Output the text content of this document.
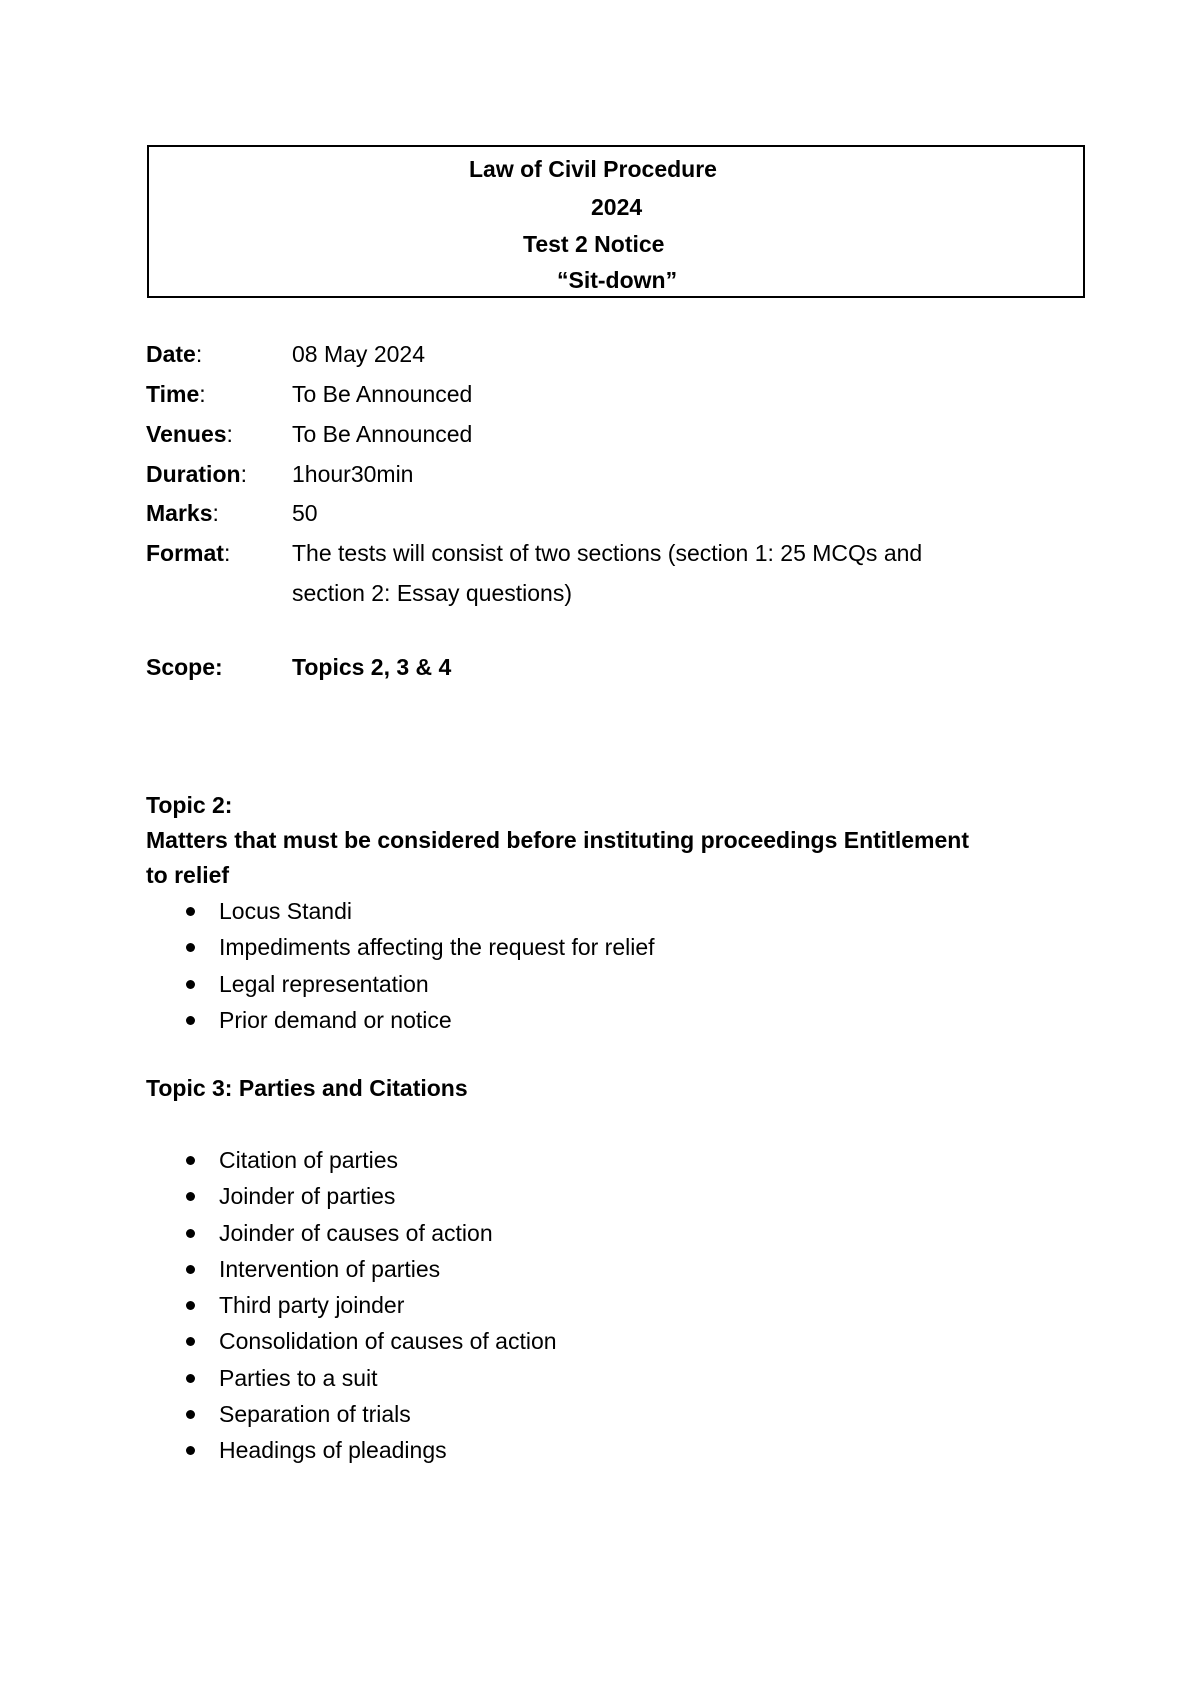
Law of Civil Procedure
2024
Test 2 Notice
“Sit-down”
Date:	08 May 2024
Time:	To Be Announced
Venues:	To Be Announced
Duration: 1hour30min
Marks:	50
Format:	The tests will consist of two sections (section 1: 25 MCQs and
section 2: Essay questions)
Scope:	Topics 2, 3 & 4
Topic 2:
Matters that must be considered before instituting proceedings Entitlement
to relief
Locus Standi
Impediments affecting the request for relief
Legal representation
Prior demand or notice
Topic 3: Parties and Citations
Citation of parties
Joinder of parties
Joinder of causes of action
Intervention of parties
Third party joinder
Consolidation of causes of action
Parties to a suit
Separation of trials
Headings of pleadings
